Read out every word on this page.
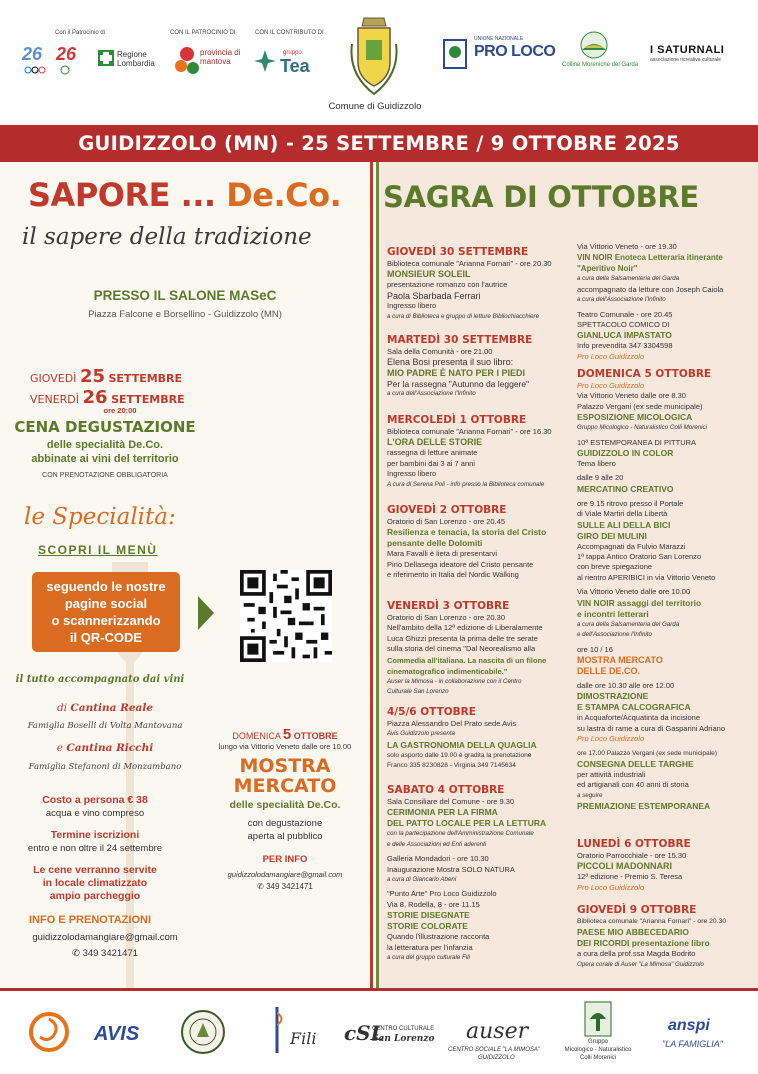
Con il Patrocinio di
26 26	Regione Lombardia
CON IL PATROCINIO DI
provincia di mantova
CON IL CONTRIBUTO DI
gruppo
Tea
Comune di Guidizzolo
UNIONE NAZIONALE
PRO LOCO
Colline Moreniche del Garda
I SATURNALI
associazione ricreativa culturale
GUIDIZZOLO (MN) - 25 SETTEMBRE / 9 OTTOBRE 2025
SAPORE ... De.Co.
il sapere della tradizione
PRESSO IL SALONE MASeC
Piazza Falcone e Borsellino - Guidizzolo (MN)
GIOVEDÌ 25 SETTEMBRE
VENERDÌ 26 SETTEMBRE
ore 20:00
CENA DEGUSTAZIONE
delle specialità De.Co.
abbinate ai vini del territorio
CON PRENOTAZIONE OBBLIGATORIA
le Specialità:
SCOPRI IL MENÙ
seguendo le nostre
pagine social
o scannerizzando
il QR-CODE
il tutto accompagnato dai vini
di Cantina Reale
Famiglia Boselli di Volta Mantovana
e Cantina Ricchi
Famiglia Stefanoni di Monzambano
Costo a persona € 38
acqua e vino compreso
Termine iscrizioni
entro e non oltre il 24 settembre
Le cene verranno servite
in locale climatizzato
ampio parcheggio
INFO E PRENOTAZIONI
guidizzolodamangiare@gmail.com
✆ 349 3421471
DOMENICA 5 OTTOBRE
lungo via Vittorio Veneto dalle ore 10.00
MOSTRA
MERCATO
delle specialità De.Co.
con degustazione
aperta al pubblico
PER INFO
guidizzolodamangiare@gmail.com
✆ 349 3421471
SAGRA DI OTTOBRE
GIOVEDÌ 30 SETTEMBRE
Biblioteca comunale "Arianna Fornari" - ore 20.30
MONSIEUR SOLEIL
presentazione romanzo con l'autrice
Paola Sbarbada Ferrari
Ingresso libero
a cura di Biblioteca e gruppo di letture Bibliochiacchiere
MARTEDÌ 30 SETTEMBRE
Sala della Comunità - ore 21.00
Elena Bosi presenta il suo libro:
MIO PADRE È NATO PER I PIEDI
Per la rassegna "Autunno da leggere"
a cura dell'Associazione l'Infinito
MERCOLEDÌ 1 OTTOBRE
Biblioteca comunale "Arianna Fornari" - ore 16.30
L'ORA DELLE STORIE
rassegna di letture animate
per bambini dai 3 ai 7 anni
Ingresso libero
A cura di Serena Poli - info presso la Biblioteca comunale
GIOVEDÌ 2 OTTOBRE
Oratorio di San Lorenzo - ore 20.45
Resilienza e tenacia, la storia del Cristo
pensante delle Dolomiti
Mara Favalli è lieta di presentarvi
Pino Dellasega ideatore del Cristo pensante
e riferimento in Italia del Nordic Walking
VENERDÌ 3 OTTOBRE
Oratorio di San Lorenzo - ore 20.30
Nell'ambito della 12ª edizione di Liberalamente
Luca Ghizzi presenta la prima delle tre serate
sulla storia del cinema "Dal Neorealismo alla
Commedia all'italiana. La nascita di un filone
cinematografico indimenticabile."
Auser la Mimosa - in collaborazione con il Centro
Culturale San Lorenzo
4/5/6 OTTOBRE
Piazza Alessandro Del Prato sede Avis
Avis Guidizzolo presenta
LA GASTRONOMIA DELLA QUAGLIA
solo asporto dalle 19.00 è gradita la prenotazione
Franco 335 8230828 - Virginia 349 7145634
SABATO 4 OTTOBRE
Sala Consiliare del Comune - ore 9.30
CERIMONIA PER LA FIRMA
DEL PATTO LOCALE PER LA LETTURA
con la partecipazione dell'Amministrazione Comunale
e delle Associazioni ed Enti aderenti
Galleria Mondadori - ore 10.30
Inaugurazione Mostra SOLO NATURA
a cura di Giancarlo Abeni
"Punto Arte" Pro Loco Guidizzolo
Via 8, Rodella, 8 - ore 11.15
STORIE DISEGNATE
STORIE COLORATE
Quando l'illustrazione racconta
la letteratura per l'infanzia
a cura del gruppo culturale Fili
Via Vittorio Veneto - ore 19.30
VIN NOIR Enoteca Letteraria itinerante
"Aperitivo Noir"
a cura della Salsamenteria del Garda
accompagnato da letture con Joseph Caiola
a cura dell'Associazione l'Infinito
Teatro Comunale - ore 20.45
SPETTACOLO COMICO DI
GIANLUCA IMPASTATO
Info prevendita 347 3304598
Pro Loco Guidizzolo
DOMENICA 5 OTTOBRE
Pro Loco Guidizzolo
Via Vittorio Veneto dalle ore 8.30
Palazzo Vergani (ex sede municipale)
ESPOSIZIONE MICOLOGICA
Gruppo Micologico - Naturalistico Colli Morenici
10ª ESTEMPORANEA DI PITTURA
GUIDIZZOLO IN COLOR
Tema libero
dalle 9 alle 20
MERCATINO CREATIVO
ore 9.15 ritrovo presso il Portale
di Viale Martiri della Libertà
SULLE ALI DELLA BICI
GIRO DEI MULINI
Accompagnati da Fulvio Marazzi
1ª tappa Antico Oratorio San Lorenzo
con breve spiegazione
al rientro APERIBICI in via Vittorio Veneto
Via Vittorio Veneto dalle ore 10.00
VIN NOIR assaggi del territorio
e incontri letterari
a cura della Salsamenteria del Garda
e dell'Associazione l'Infinito
ore 10 / 16
MOSTRA MERCATO
DELLE DE.CO.
dalle ore 10.30 alle ore 12.00
DIMOSTRAZIONE
E STAMPA CALCOGRAFICA
in Acquaforte/Acquatinta da incisione
su lastra di rame a cura di Gasparini Adriano
Pro Loco Guidizzolo
ore 17.00 Palazzo Vergani (ex sede municipale)
CONSEGNA DELLE TARGHE
per attività industriali
ed artigianali con 40 anni di storia
a seguire
PREMIAZIONE ESTEMPORANEA
LUNEDÌ 6 OTTOBRE
Oratorio Parrocchiale - ore 15.30
PICCOLI MADONNARI
12ª edizione - Premio S. Teresa
Pro Loco Guidizzolo
GIOVEDÌ 9 OTTOBRE
Biblioteca comunale "Arianna Fornari" - ore 20.30
PAESE MIO ABBECEDARIO
DEI RICORDI presentazione libro
a cura della prof.ssa Magda Bodrito
Opera corale di Auser "La Mimosa" Guidizzolo
AVIS	Fili cSL
CENTRO CULTURALE
San Lorenzo auser
CENTRO SOCIALE "LA MIMOSA"
GUIDIZZOLO
Gruppo
Micologico - Naturalistico
Colli Morenici
anspi
"LA FAMIGLIA"
